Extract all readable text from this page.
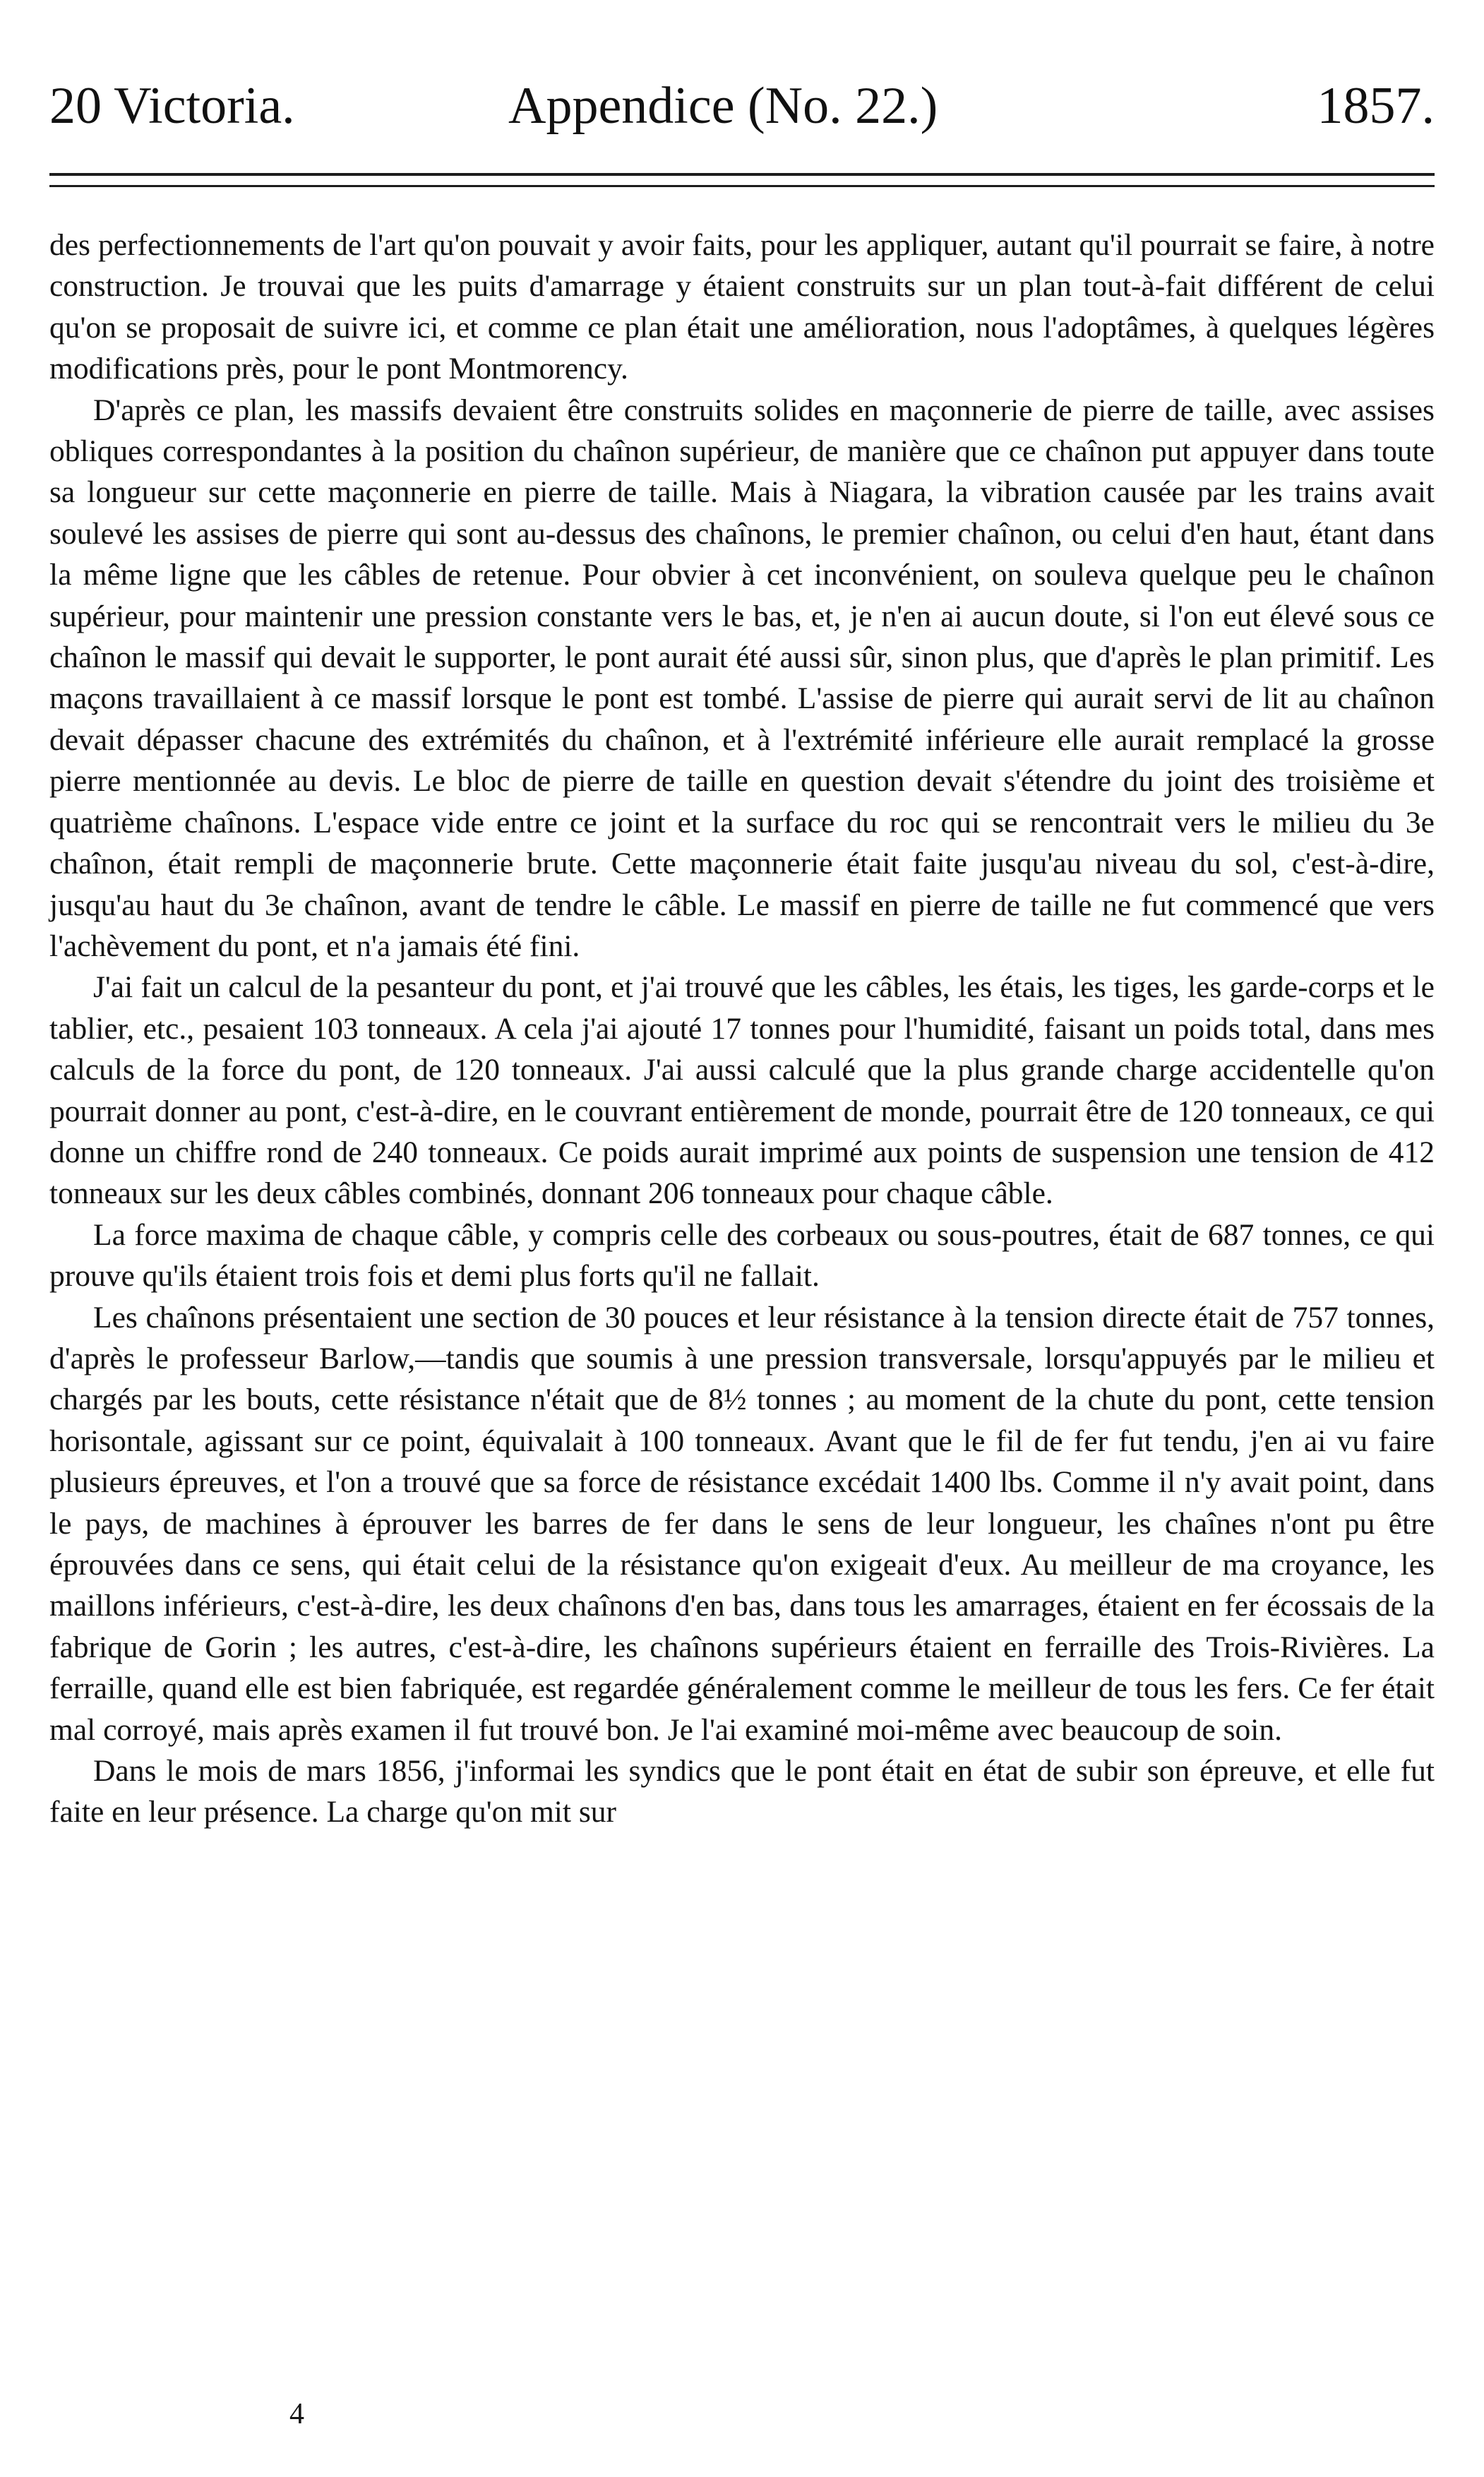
20 Victoria.	Appendice (No. 22.)	1857.

des perfectionnements de l'art qu'on pouvait y avoir faits, pour les appliquer, autant qu'il pourrait se faire, à notre construction. Je trouvai que les puits d'amarrage y étaient construits sur un plan tout-à-fait différent de celui qu'on se proposait de suivre ici, et comme ce plan était une amélioration, nous l'adoptâmes, à quelques légères modifications près, pour le pont Montmorency.

D'après ce plan, les massifs devaient être construits solides en maçonnerie de pierre de taille, avec assises obliques correspondantes à la position du chaînon supérieur, de manière que ce chaînon put appuyer dans toute sa longueur sur cette maçonnerie en pierre de taille. Mais à Niagara, la vibration causée par les trains avait soulevé les assises de pierre qui sont au-dessus des chaînons, le premier chaînon, ou celui d'en haut, étant dans la même ligne que les câbles de retenue. Pour obvier à cet inconvénient, on souleva quelque peu le chaînon supérieur, pour maintenir une pression constante vers le bas, et, je n'en ai aucun doute, si l'on eut élevé sous ce chaînon le massif qui devait le supporter, le pont aurait été aussi sûr, sinon plus, que d'après le plan primitif. Les maçons travaillaient à ce massif lorsque le pont est tombé. L'assise de pierre qui aurait servi de lit au chaînon devait dépasser chacune des extrémités du chaînon, et à l'extrémité inférieure elle aurait remplacé la grosse pierre mentionnée au devis. Le bloc de pierre de taille en question devait s'étendre du joint des troisième et quatrième chaînons. L'espace vide entre ce joint et la surface du roc qui se rencontrait vers le milieu du 3e chaînon, était rempli de maçonnerie brute. Cette maçonnerie était faite jusqu'au niveau du sol, c'est-à-dire, jusqu'au haut du 3e chaînon, avant de tendre le câble. Le massif en pierre de taille ne fut commencé que vers l'achèvement du pont, et n'a jamais été fini.

J'ai fait un calcul de la pesanteur du pont, et j'ai trouvé que les câbles, les étais, les tiges, les garde-corps et le tablier, etc., pesaient 103 tonneaux. A cela j'ai ajouté 17 tonnes pour l'humidité, faisant un poids total, dans mes calculs de la force du pont, de 120 tonneaux. J'ai aussi calculé que la plus grande charge accidentelle qu'on pourrait donner au pont, c'est-à-dire, en le couvrant entièrement de monde, pourrait être de 120 tonneaux, ce qui donne un chiffre rond de 240 tonneaux. Ce poids aurait imprimé aux points de suspension une tension de 412 tonneaux sur les deux câbles combinés, donnant 206 tonneaux pour chaque câble.

La force maxima de chaque câble, y compris celle des corbeaux ou sous-poutres, était de 687 tonnes, ce qui prouve qu'ils étaient trois fois et demi plus forts qu'il ne fallait.

Les chaînons présentaient une section de 30 pouces et leur résistance à la tension directe était de 757 tonnes, d'après le professeur Barlow,—tandis que soumis à une pression transversale, lorsqu'appuyés par le milieu et chargés par les bouts, cette résistance n'était que de 8½ tonnes ; au moment de la chute du pont, cette tension horisontale, agissant sur ce point, équivalait à 100 tonneaux. Avant que le fil de fer fut tendu, j'en ai vu faire plusieurs épreuves, et l'on a trouvé que sa force de résistance excédait 1400 lbs. Comme il n'y avait point, dans le pays, de machines à éprouver les barres de fer dans le sens de leur longueur, les chaînes n'ont pu être éprouvées dans ce sens, qui était celui de la résistance qu'on exigeait d'eux. Au meilleur de ma croyance, les maillons inférieurs, c'est-à-dire, les deux chaînons d'en bas, dans tous les amarrages, étaient en fer écossais de la fabrique de Gorin ; les autres, c'est-à-dire, les chaînons supérieurs étaient en ferraille des Trois-Rivières. La ferraille, quand elle est bien fabriquée, est regardée généralement comme le meilleur de tous les fers. Ce fer était mal corroyé, mais après examen il fut trouvé bon. Je l'ai examiné moi-même avec beaucoup de soin.

Dans le mois de mars 1856, j'informai les syndics que le pont était en état de subir son épreuve, et elle fut faite en leur présence. La charge qu'on mit sur

4
